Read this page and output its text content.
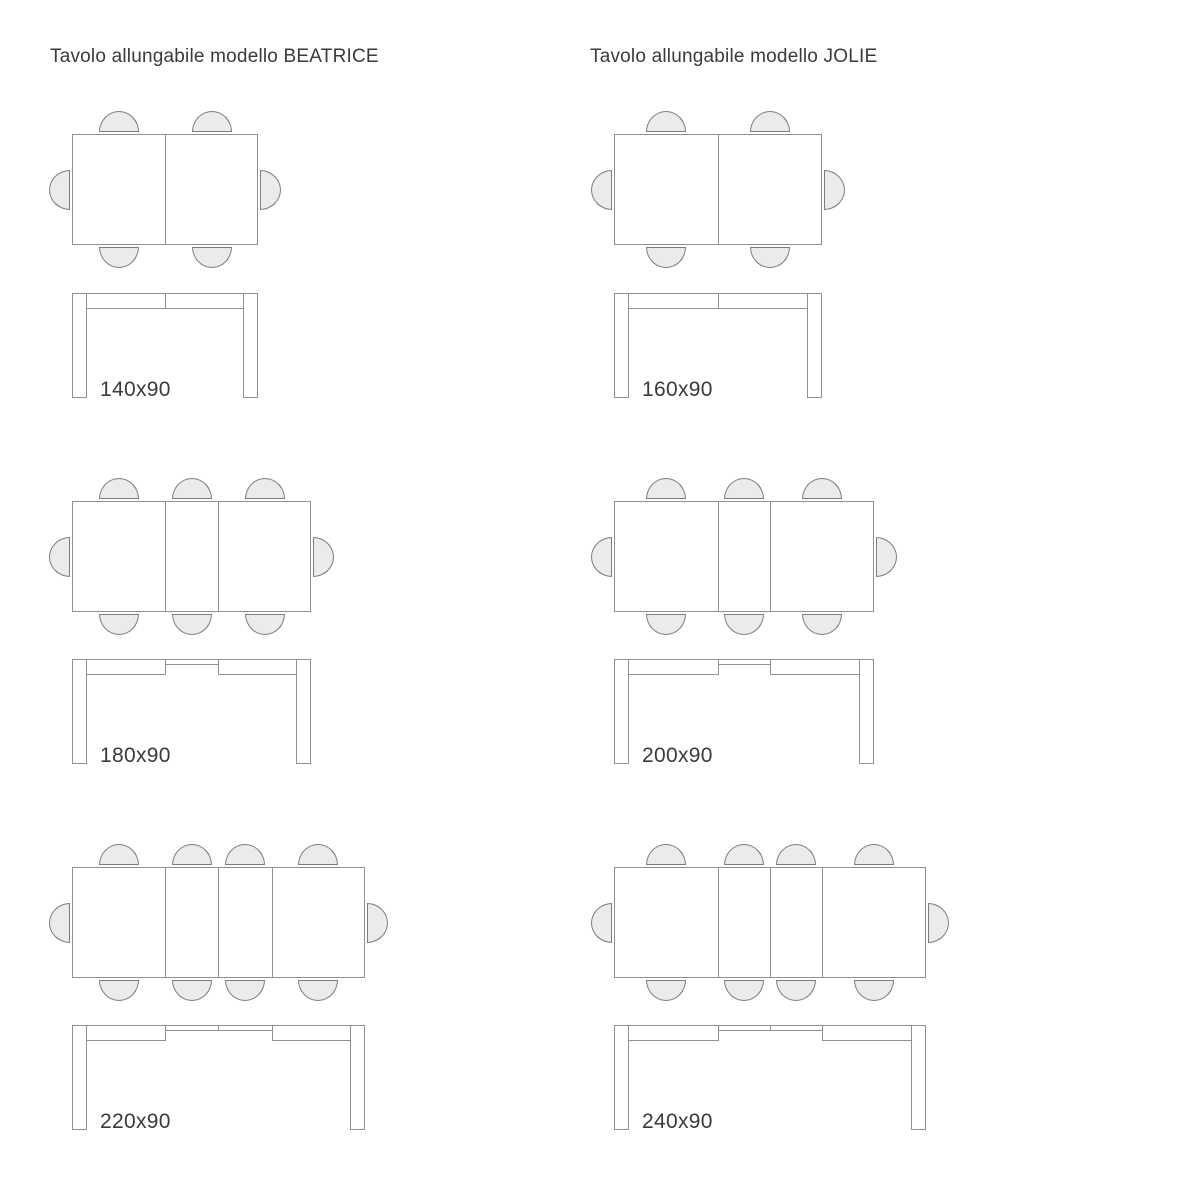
Tavolo allungabile modello BEATRICE	Tavolo allungabile modello JOLIE
140x90
180x90
220x90
160x90
200x90
240x90
